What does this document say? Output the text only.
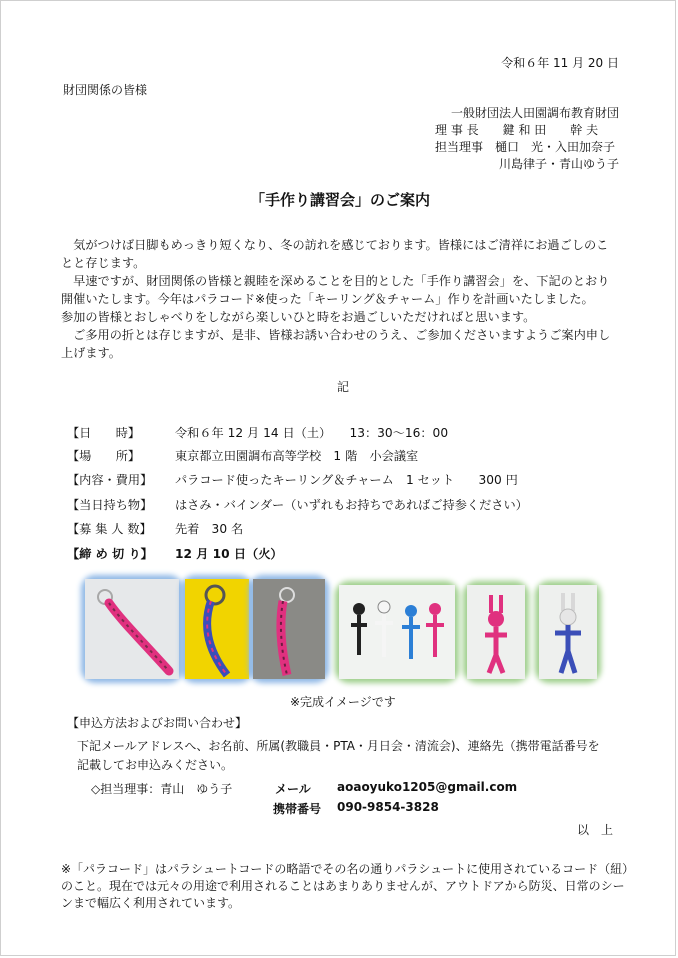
令和６年 11 月 20 日
財団関係の皆様
一般財団法人田園調布教育財団
理 事 長　　鍵 和 田　　幹 夫
担当理事　樋口　光・入田加奈子
川島律子・青山ゆう子
「手作り講習会」のご案内

　気がつけば日脚もめっきり短くなり、冬の訪れを感じております。皆様にはご清祥にお過ごしのこ

とと存じます。

　早速ですが、財団関係の皆様と親睦を深めることを目的とした「手作り講習会」を、下記のとおり

開催いたします。今年はパラコード※使った「キーリング＆チャーム」作りを計画いたしました。

参加の皆様とおしゃべりをしながら楽しいひと時をお過ごしいただければと思います。

　ご多用の折とは存じますが、是非、皆様お誘い合わせのうえ、ご参加くださいますようご案内申し

上げます。

記
【日　　時】	令和６年 12 月 14 日（土）　　13：30～16：00
【場　　所】	東京都立田園調布高等学校　1 階　小会議室
【内容・費用】 パラコード使ったキーリング＆チャーム　1 セット　　300 円
【当日持ち物】 はさみ・バインダー（いずれもお持ちであればご持参ください）
【募 集 人 数】 先着　30 名
【締 め 切 り】 12 月 10 日（火）
※完成イメージです
【申込方法およびお問い合わせ】
下記メールアドレスへ、お名前、所属(教職員・PTA・月日会・清流会)、連絡先（携帯電話番号を
記載してお申込みください。
◇担当理事：青山　ゆう子	メール aoaoyuko1205@gmail.com
携帯番号 090-9854-3828
以　上

※「パラコード」はパラシュートコードの略語でその名の通りパラシュートに使用されているコード（紐）

のこと。現在では元々の用途で利用されることはあまりありませんが、アウトドアから防災、日常のシー

ンまで幅広く利用されています。
